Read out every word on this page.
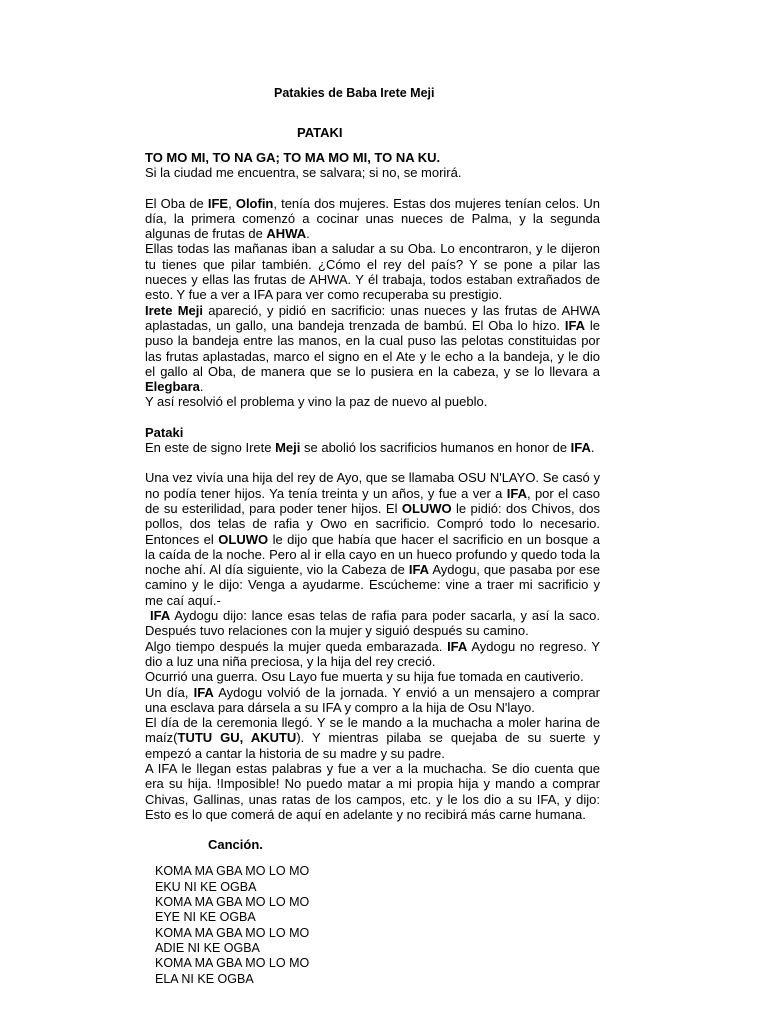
Patakies de Baba Irete Meji

PATAKI

TO MO MI, TO NA GA; TO MA MO MI, TO NA KU.

Si la ciudad me encuentra, se salvara; si no, se morirá.

El Oba de IFE, Olofin, tenía dos mujeres. Estas dos mujeres tenían celos. Un día, la primera comenzó a cocinar unas nueces de Palma, y la segunda algunas de frutas de AHWA.

Ellas todas las mañanas iban a saludar a su Oba. Lo encontraron, y le dijeron tu tienes que pilar también. ¿Cómo el rey del país? Y se pone a pilar las nueces y ellas las frutas de AHWA. Y él trabaja, todos estaban extrañados de esto. Y fue a ver a IFA para ver como recuperaba su prestigio.

Irete Meji apareció, y pidió en sacrificio: unas nueces y las frutas de AHWA aplastadas, un gallo, una bandeja trenzada de bambú. El Oba lo hizo. IFA le puso la bandeja entre las manos, en la cual puso las pelotas constituidas por las frutas aplastadas, marco el signo en el Ate y le echo a la bandeja, y le dio el gallo al Oba, de manera que se lo pusiera en la cabeza, y se lo llevara a Elegbara.

Y así resolvió el problema y vino la paz de nuevo al pueblo.

Pataki

En este de signo Irete Meji se abolió los sacrificios humanos en honor de IFA.

Una vez vivía una hija del rey de Ayo, que se llamaba OSU N'LAYO. Se casó y no podía tener hijos. Ya tenía treinta y un años, y fue a ver a IFA, por el caso de su esterilidad, para poder tener hijos. El OLUWO le pidió: dos Chivos, dos pollos, dos telas de rafia y Owo en sacrificio. Compró todo lo necesario. Entonces el OLUWO le dijo que había que hacer el sacrificio en un bosque a la caída de la noche. Pero al ir ella cayo en un hueco profundo y quedo toda la noche ahí. Al día siguiente, vio la Cabeza de IFA Aydogu, que pasaba por ese camino y le dijo: Venga a ayudarme. Escúcheme: vine a traer mi sacrificio y me caí aquí.-

IFA Aydogu dijo: lance esas telas de rafia para poder sacarla, y así la saco. Después tuvo relaciones con la mujer y siguió después su camino.

Algo tiempo después la mujer queda embarazada. IFA Aydogu no regreso. Y dio a luz una niña preciosa, y la hija del rey creció.

Ocurrió una guerra. Osu Layo fue muerta y su hija fue tomada en cautiverio.

Un día, IFA Aydogu volvió de la jornada. Y envió a un mensajero a comprar una esclava para dársela a su IFA y compro a la hija de Osu N'layo.

El día de la ceremonia llegó. Y se le mando a la muchacha a moler harina de maíz(TUTU GU, AKUTU). Y mientras pilaba se quejaba de su suerte y empezó a cantar la historia de su madre y su padre.

A IFA le llegan estas palabras y fue a ver a la muchacha. Se dio cuenta que era su hija. !Imposible! No puedo matar a mi propia hija y mando a comprar Chivas, Gallinas, unas ratas de los campos, etc. y le los dio a su IFA, y dijo: Esto es lo que comerá de aquí en adelante y no recibirá más carne humana.

Canción.

KOMA MA GBA MO LO MO

EKU NI KE OGBA

KOMA MA GBA MO LO MO

EYE NI KE OGBA

KOMA MA GBA MO LO MO

ADIE NI KE OGBA

KOMA MA GBA MO LO MO

ELA NI KE OGBA
